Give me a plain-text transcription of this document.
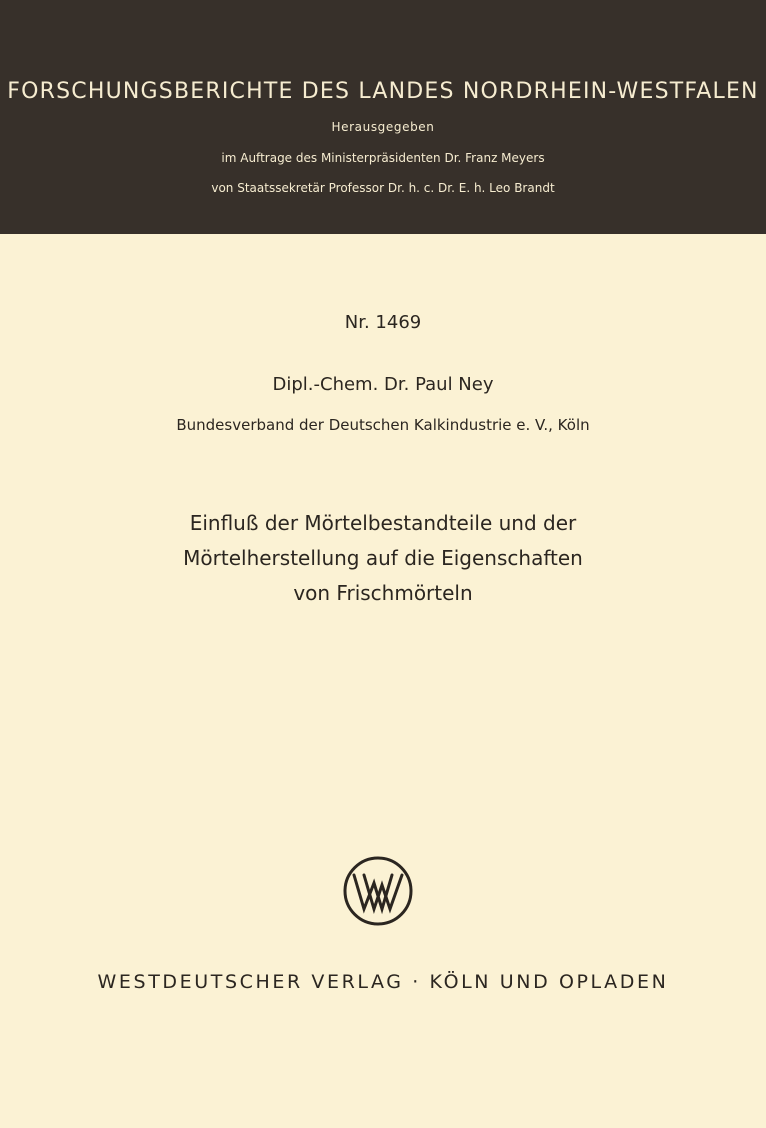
FORSCHUNGSBERICHTE DES LANDES NORDRHEIN-WESTFALEN
Herausgegeben
im Auftrage des Ministerpräsidenten Dr. Franz Meyers
von Staatssekretär Professor Dr. h. c. Dr. E. h. Leo Brandt
Nr. 1469
Dipl.-Chem. Dr. Paul Ney
Bundesverband der Deutschen Kalkindustrie e. V., Köln
Einfluß der Mörtelbestandteile und der
Mörtelherstellung auf die Eigenschaften
von Frischmörteln
WESTDEUTSCHER VERLAG · KÖLN UND OPLADEN
